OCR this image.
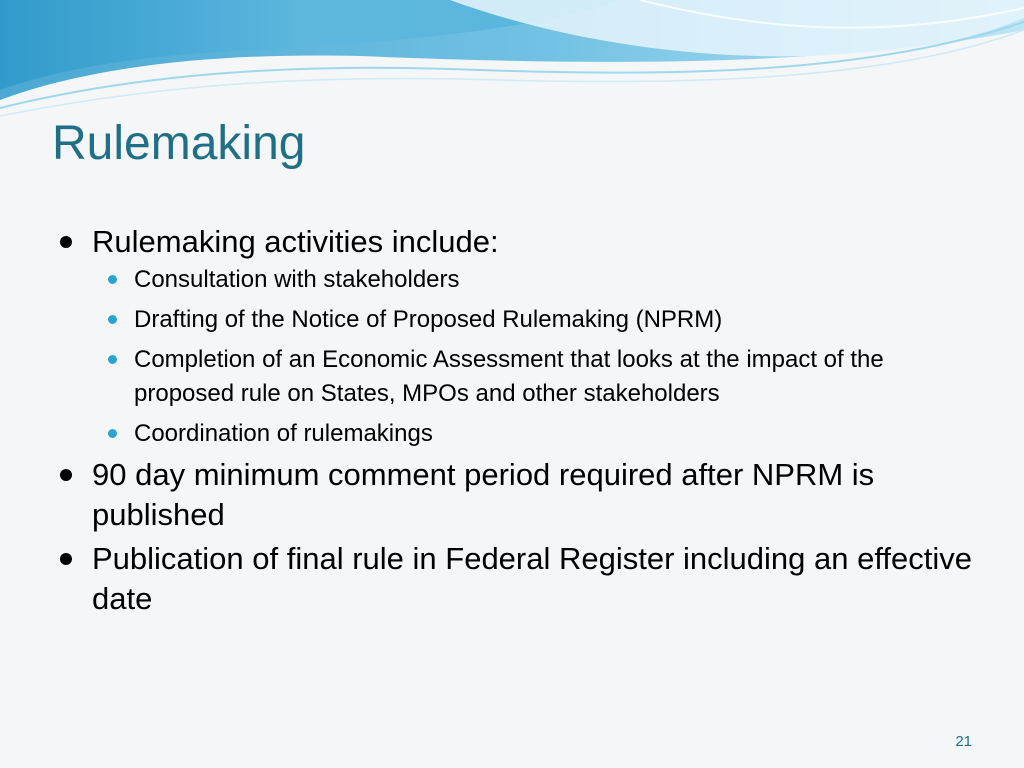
Rulemaking
Rulemaking activities include:
Consultation with stakeholders
Drafting of the Notice of Proposed Rulemaking (NPRM)
Completion of an Economic Assessment that looks at the impact of the proposed rule on States, MPOs and other stakeholders
Coordination of rulemakings
90 day minimum comment period required after NPRM is published
Publication of final rule in Federal Register including an effective date
21
